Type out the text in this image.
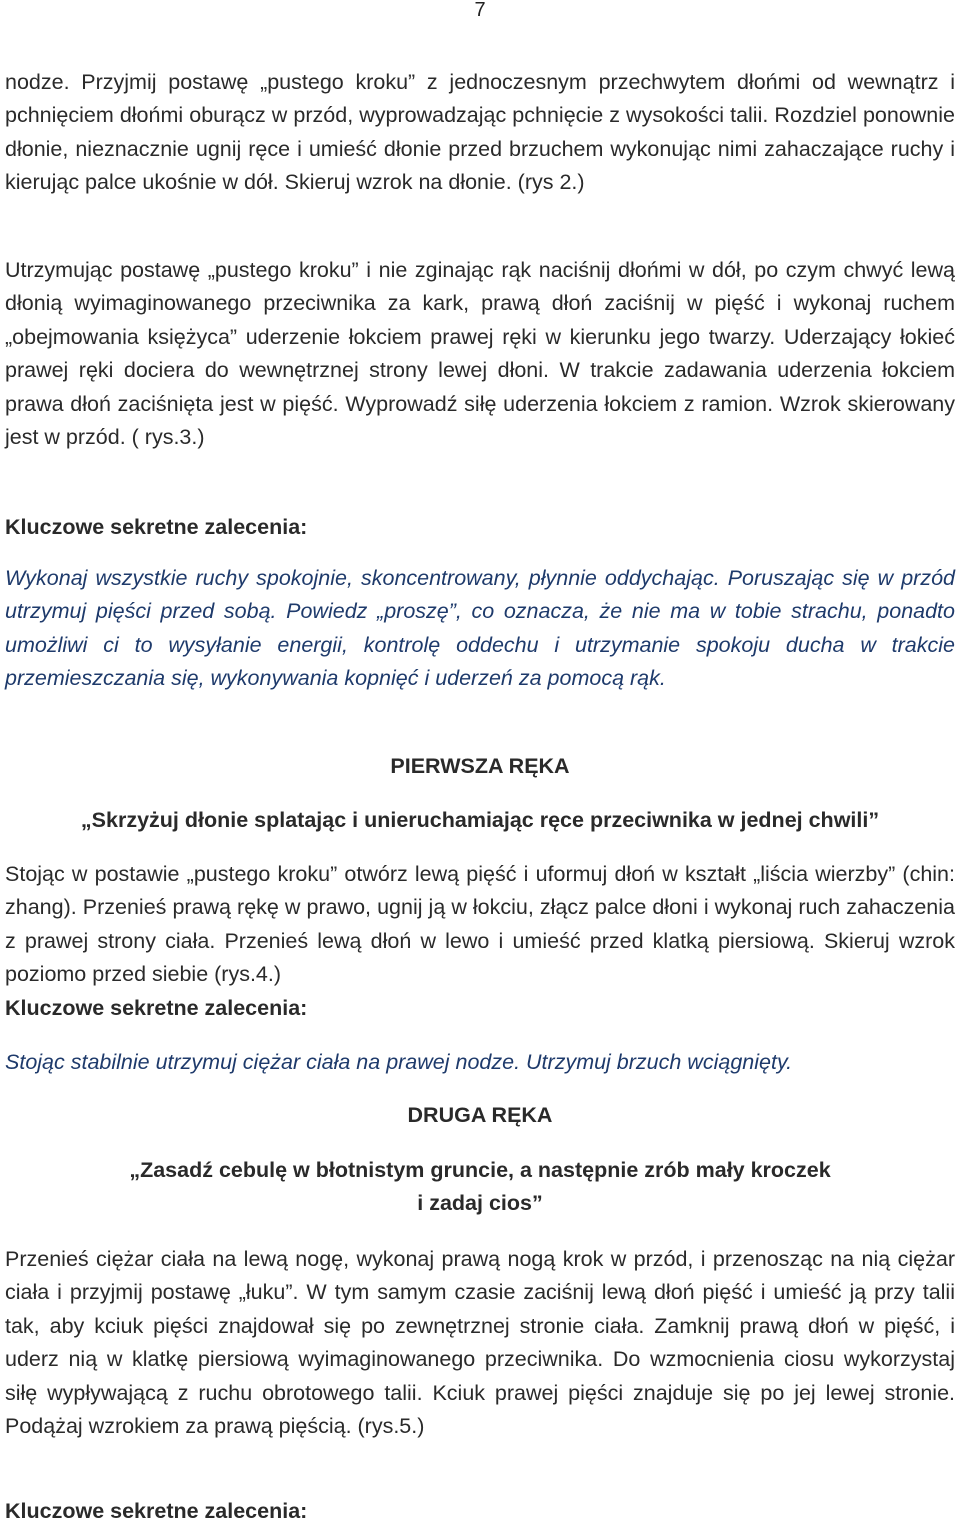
7

nodze. Przyjmij postawę „pustego kroku” z jednoczesnym przechwytem dłońmi od wewnątrz i pchnięciem dłońmi oburącz w przód, wyprowadzając pchnięcie z wysokości talii. Rozdziel ponownie dłonie, nieznacznie ugnij ręce i umieść dłonie przed brzuchem wykonując nimi zahaczające ruchy i kierując palce ukośnie w dół. Skieruj wzrok na dłonie. (rys 2.)

Utrzymując postawę „pustego kroku” i nie zginając rąk naciśnij dłońmi w dół, po czym chwyć lewą dłonią wyimaginowanego przeciwnika za kark, prawą dłoń zaciśnij w pięść i wykonaj ruchem „obejmowania księżyca” uderzenie łokciem prawej ręki w kierunku jego twarzy. Uderzający łokieć prawej ręki dociera do wewnętrznej strony lewej dłoni. W trakcie zadawania uderzenia łokciem prawa dłoń zaciśnięta jest w pięść. Wyprowadź siłę uderzenia łokciem z ramion. Wzrok skierowany jest w przód. ( rys.3.)

Kluczowe sekretne zalecenia:

Wykonaj wszystkie ruchy spokojnie, skoncentrowany, płynnie oddychając. Poruszając się w przód utrzymuj pięści przed sobą. Powiedz „proszę”, co oznacza, że nie ma w tobie strachu, ponadto umożliwi ci to wysyłanie energii, kontrolę oddechu i utrzymanie spokoju ducha w trakcie przemieszczania się, wykonywania kopnięć i uderzeń za pomocą rąk.

PIERWSZA RĘKA

„Skrzyżuj dłonie splatając i unieruchamiając ręce przeciwnika w jednej chwili”

Stojąc w postawie „pustego kroku” otwórz lewą pięść i uformuj dłoń w kształt „liścia wierzby” (chin: zhang). Przenieś prawą rękę w prawo, ugnij ją w łokciu, złącz palce dłoni i wykonaj ruch zahaczenia z prawej strony ciała. Przenieś lewą dłoń w lewo i umieść przed klatką piersiową. Skieruj wzrok poziomo przed siebie (rys.4.)

Kluczowe sekretne zalecenia:

Stojąc stabilnie utrzymuj ciężar ciała na prawej nodze. Utrzymuj brzuch wciągnięty.

DRUGA RĘKA

„Zasadź cebulę w błotnistym gruncie, a następnie zrób mały kroczek
i zadaj cios”

Przenieś ciężar ciała na lewą nogę, wykonaj prawą nogą krok w przód, i przenosząc na nią ciężar ciała i przyjmij postawę „łuku”. W tym samym czasie zaciśnij lewą dłoń pięść i umieść ją przy talii tak, aby kciuk pięści znajdował się po zewnętrznej stronie ciała. Zamknij prawą dłoń w pięść, i uderz nią w klatkę piersiową wyimaginowanego przeciwnika. Do wzmocnienia ciosu wykorzystaj siłę wypływającą z ruchu obrotowego talii. Kciuk prawej pięści znajduje się po jej lewej stronie. Podążaj wzrokiem za prawą pięścią. (rys.5.)

Kluczowe sekretne zalecenia:
